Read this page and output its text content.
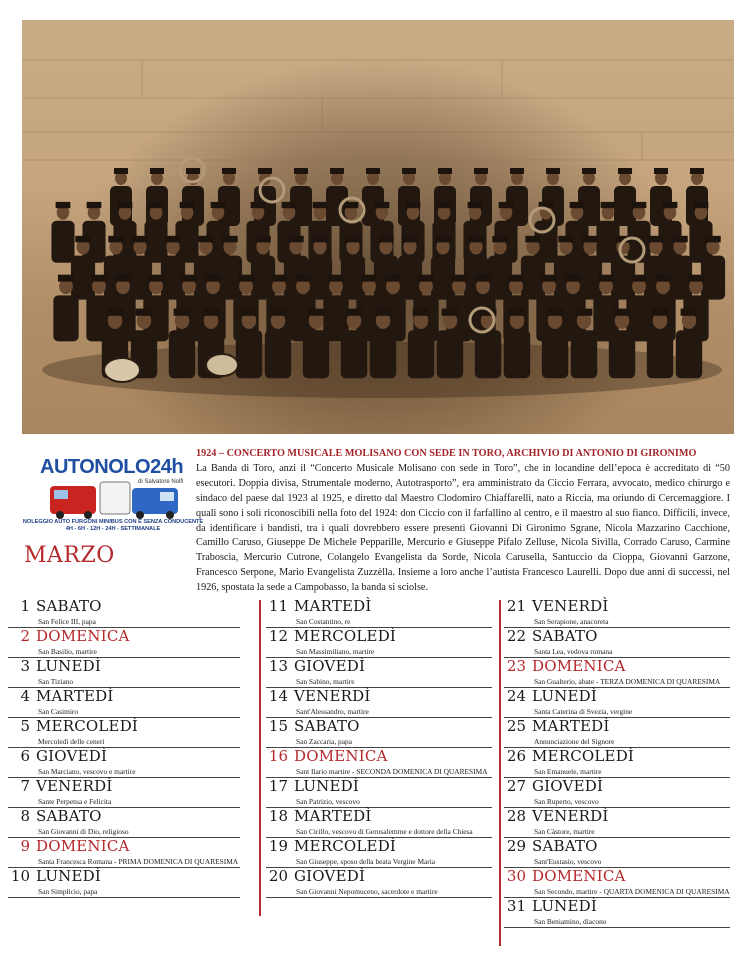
AUTONOLO24h
di Salvatore Nolfi
NOLEGGIO AUTO FURGONI MINIBUS CON E SENZA CONDUCENTE
4H - 6H - 12H - 24H - SETTIMANALE
MARZO
1924 – CONCERTO MUSICALE MOLISANO CON SEDE IN TORO, ARCHIVIO DI ANTONIO DI GIRONIMO
La Banda di Toro, anzi il “Concerto Musicale Molisano con sede in Toro”, che in locandine dell’epoca è accreditato di “50 esecutori. Doppia divisa, Strumentale moderno, Autotrasporto”, era amministrato da Ciccio Ferrara, avvocato, medico chirurgo e sindaco del paese dal 1923 al 1925, e diretto dal Maestro Clodomiro Chiaffarelli, nato a Riccia, ma oriundo di Cercemaggiore. I quali sono i soli riconoscibili nella foto del 1924: don Ciccio con il farfallino al centro, e il maestro al suo fianco. Difficili, invece, da identificare i bandisti, tra i quali dovrebbero essere presenti Giovanni Di Gironimo Sgrane, Nicola Mazzarino Cacchione, Camillo Caruso, Giuseppe De Michele Pepparille, Mercurio e Giuseppe Pifalo Zelluse, Nicola Sivilla, Corrado Caruso, Carmine Traboscia, Mercurio Cutrone, Colangelo Evangelista da Sorde, Nicola Carusella, Santuccio da Cioppa, Giovanni Garzone, Francesco Serpone, Mario Evangelista Zuzzèlla. Insieme a loro anche l’autista Francesco Laurelli. Dopo due anni di successi, nel 1926, spostata la sede a Campobasso, la banda si sciolse.
1 SABATO
San Felice III, papa
2 DOMENICA
San Basilio, martire
3 LUNEDÌ
San Tiziano
4 MARTEDÌ
San Casimiro
5 MERCOLEDÌ
Mercoledì delle ceneri
6 GIOVEDÌ
San Marciano, vescovo e martire
7 VENERDÌ
Sante Perpetua e Felicita
8 SABATO
San Giovanni di Dio, religioso
9 DOMENICA
Santa Francesca Romana - PRIMA DOMENICA DI QUARESIMA
10 LUNEDÌ
San Simplicio, papa
11 MARTEDÌ
San Costantino, re
12 MERCOLEDÌ
San Massimiliano, martire
13 GIOVEDÌ
San Sabino, martire
14 VENERDÌ
Sant'Alessandro, martire
15 SABATO
San Zaccaria, papa
16 DOMENICA
Sant Ilario martire - SECONDA DOMENICA DI QUARESIMA
17 LUNEDÌ
San Patrizio, vescovo
18 MARTEDÌ
San Cirillo, vescovo di Gerusalemme e dottore della Chiesa
19 MERCOLEDÌ
San Giuseppe, sposo della beata Vergine Maria
20 GIOVEDÌ
San Giovanni Nepomuceno, sacerdote e martire
21 VENERDÌ
San Serapione, anacoreta
22 SABATO
Santa Lea, vedova romana
23 DOMENICA
San Gualterio, abate - TERZA DOMENICA DI QUARESIMA
24 LUNEDÌ
Santa Caterina di Svezia, vergine
25 MARTEDÌ
Annunciazione del Signore
26 MERCOLEDÌ
San Emanuele, martire
27 GIOVEDÌ
San Ruperto, vescovo
28 VENERDÌ
San Càstore, martire
29 SABATO
Sant'Eustasio, vescovo
30 DOMENICA
San Secondo, martire - QUARTA DOMENICA DI QUARESIMA
31 LUNEDÌ
San Beniamino, diacono
